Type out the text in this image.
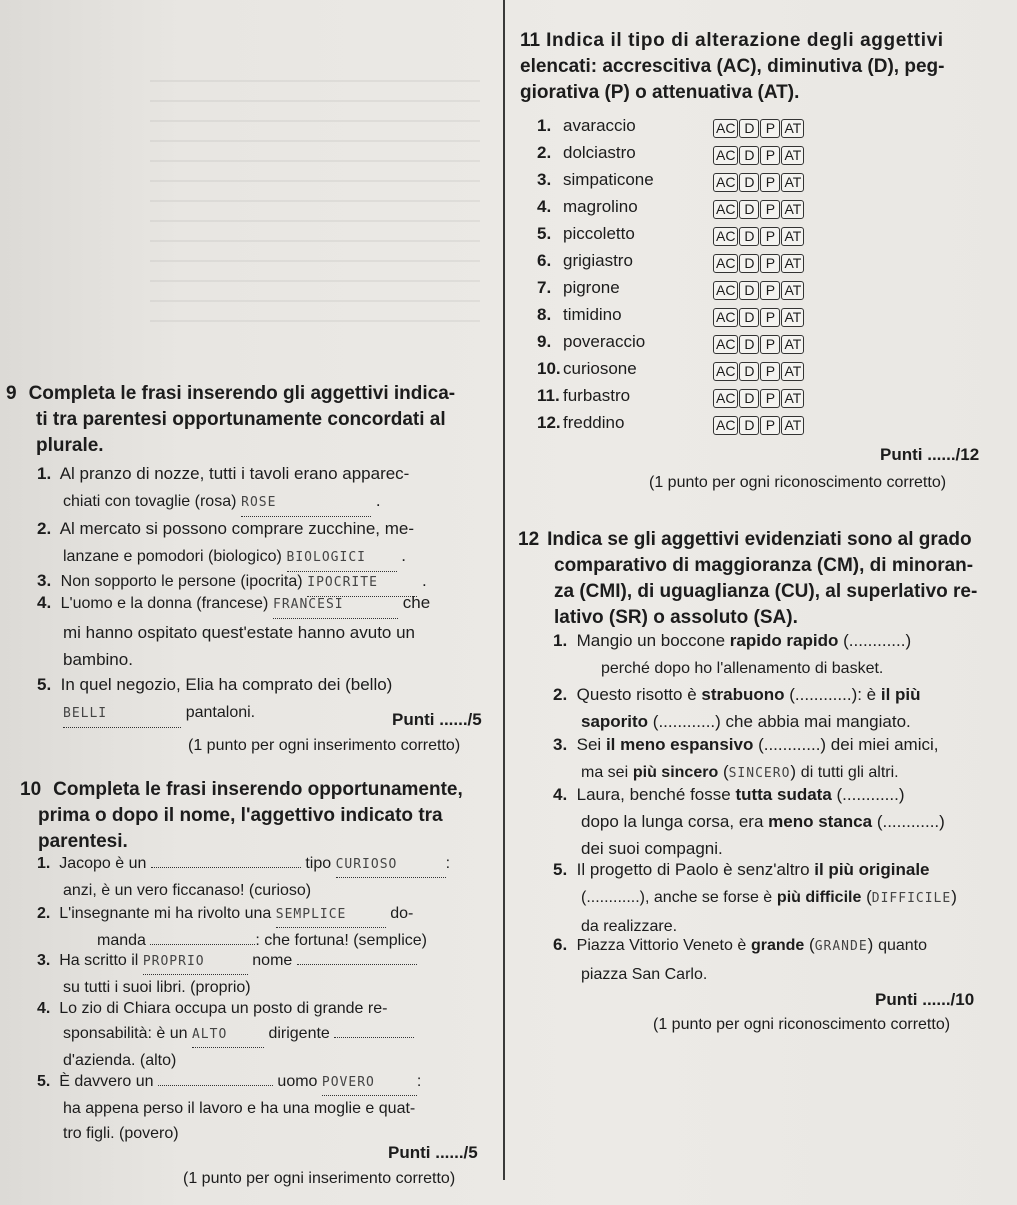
11 Indica il tipo di alterazione degli aggettivi
elencati: accrescitiva (AC), diminutiva (D), peg-
giorativa (P) o attenuativa (AT).
1. avaraccio	AC D P AT
2. dolciastro	AC D P AT
3. simpaticone	AC D P AT
4. magrolino	AC D P AT
5. piccoletto	AC D P AT
6. grigiastro	AC D P AT
7. pigrone	AC D P AT
8. timidino	AC D P AT
9. poveraccio	AC D P AT
10. curiosone	AC D P AT
11. furbastro	AC D P AT
12. freddino	AC D P AT
Punti ....../12
(1 punto per ogni riconoscimento corretto)
9 Completa le frasi inserendo gli aggettivi indica-
ti tra parentesi opportunamente concordati al
plurale.
1. Al pranzo di nozze, tutti i tavoli erano apparec-
chiati con tovaglie (rosa) ROSE	.
2. Al mercato si possono comprare zucchine, me-
lanzane e pomodori (biologico) BIOLOGICI .
3. Non sopporto le persone (ipocrita) IPOCRITE .
4. L'uomo e la donna (francese) FRANCESI	che
mi hanno ospitato quest'estate hanno avuto un
bambino.
5. In quel negozio, Elia ha comprato dei (bello)
BELLI	pantaloni.	Punti ....../5
(1 punto per ogni inserimento corretto)
10 Completa le frasi inserendo opportunamente,
prima o dopo il nome, l'aggettivo indicato tra
parentesi.
1. Jacopo è un	tipo CURIOSO	:
anzi, è un vero ficcanaso! (curioso)
2. L'insegnante mi ha rivolto una SEMPLICE	do-
manda	: che fortuna! (semplice)
3. Ha scritto il PROPRIO	nome
su tutti i suoi libri. (proprio)
4. Lo zio di Chiara occupa un posto di grande re-
sponsabilità: è un ALTO	dirigente
d'azienda. (alto)
5. È davvero un	uomo POVERO	:
ha appena perso il lavoro e ha una moglie e quat-
tro figli. (povero)
Punti ....../5
(1 punto per ogni inserimento corretto)
12 Indica se gli aggettivi evidenziati sono al grado
comparativo di maggioranza (CM), di minoran-
za (CMI), di uguaglianza (CU), al superlativo re-
lativo (SR) o assoluto (SA).
1. Mangio un boccone rapido rapido (............)
perché dopo ho l'allenamento di basket.
2. Questo risotto è strabuono (............): è il più
saporito (............) che abbia mai mangiato.
3. Sei il meno espansivo (............) dei miei amici,
ma sei più sincero (SINCERO) di tutti gli altri.
4. Laura, benché fosse tutta sudata (............)
dopo la lunga corsa, era meno stanca (............)
dei suoi compagni.
5. Il progetto di Paolo è senz'altro il più originale
(............), anche se forse è più difficile (DIFFICILE)
da realizzare.
6. Piazza Vittorio Veneto è grande (GRANDE) quanto
piazza San Carlo.
Punti ....../10
(1 punto per ogni riconoscimento corretto)
